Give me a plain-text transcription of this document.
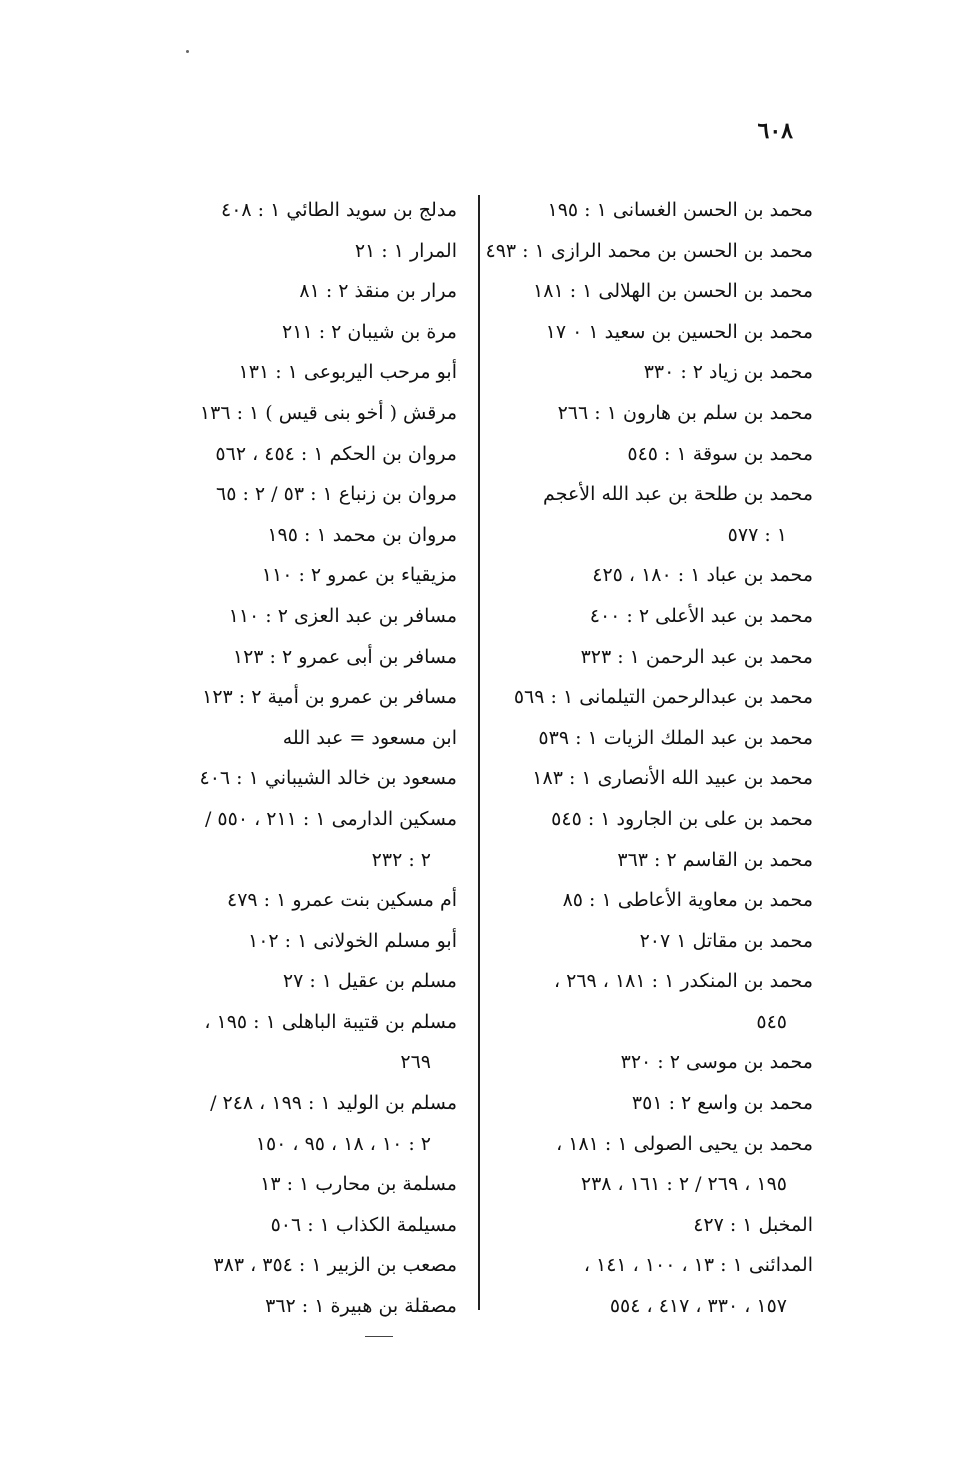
٦٠٨
محمد بن الحسن الغسانى ١ : ١٩٥
محمد بن الحسن بن محمد الرازى ١ : ٤٩٣
محمد بن الحسن بن الهلالى ١ : ١٨١
محمد بن الحسين بن سعيد ١ ٠ ١٧
محمد بن زياد ٢ : ٣٣٠
محمد بن سلم بن هارون ١ : ٢٦٦
محمد بن سوقة ١ : ٥٤٥
محمد بن طلحة بن عبد الله الأعجم
١ : ٥٧٧
محمد بن عباد ١ : ١٨٠ ، ٤٢٥
محمد بن عبد الأعلى ٢ : ٤٠٠
محمد بن عبد الرحمن ١ : ٣٢٣
محمد بن عبدالرحمن التيلمانى ١ : ٥٦٩
محمد بن عبد الملك الزيات ١ : ٥٣٩
محمد بن عبيد الله الأنصارى ١ : ١٨٣
محمد بن على بن الجارود ١ : ٥٤٥
محمد بن القاسم ٢ : ٣٦٣
محمد بن معاوية الأعاطى ١ : ٨٥
محمد بن مقاتل ١ ٢٠٧
محمد بن المنكدر ١ : ١٨١ ، ٢٦٩ ،
٥٤٥
محمد بن موسى ٢ : ٣٢٠
محمد بن واسع ٢ : ٣٥١
محمد بن يحيى الصولى ١ : ١٨١ ،
١٩٥ ، ٢٦٩ / ٢ : ١٦١ ، ٢٣٨
المخبل ١ : ٤٢٧
المدائنى ١ : ١٣ ، ١٠٠ ، ١٤١ ،
١٥٧ ، ٣٣٠ ، ٤١٧ ، ٥٥٤
مدلج بن سويد الطائي ١ : ٤٠٨
المرار ١ : ٢١
مرار بن منقذ ٢ : ٨١
مرة بن شيبان ٢ : ٢١١
أبو مرحب اليربوعى ١ : ١٣١
مرقش ( أخو بنى قيس ) ١ : ١٣٦
مروان بن الحكم ١ : ٤٥٤ ، ٥٦٢
مروان بن زنباع ١ : ٥٣ / ٢ : ٦٥
مروان بن محمد ١ : ١٩٥
مزيقياء بن عمرو ٢ : ١١٠
مسافر بن عبد العزى ٢ : ١١٠
مسافر بن أبى عمرو ٢ : ١٢٣
مسافر بن عمرو بن أمية ٢ : ١٢٣
ابن مسعود = عبد الله
مسعود بن خالد الشيباني ١ : ٤٠٦
مسكين الدارمى ١ : ٢١١ ، ٥٥٠ /
٢ : ٢٣٢
أم مسكين بنت عمرو ١ : ٤٧٩
أبو مسلم الخولانى ١ : ١٠٢
مسلم بن عقيل ١ : ٢٧
مسلم بن قتيبة الباهلى ١ : ١٩٥ ،
٢٦٩
مسلم بن الوليد ١ : ١٩٩ ، ٢٤٨ /
٢ : ١٠ ، ١٨ ، ٩٥ ، ١٥٠
مسلمة بن محارب ١ : ١٣
مسيلمة الكذاب ١ : ٥٠٦
مصعب بن الزبير ١ : ٣٥٤ ، ٣٨٣
مصقلة بن هبيرة ١ : ٣٦٢
